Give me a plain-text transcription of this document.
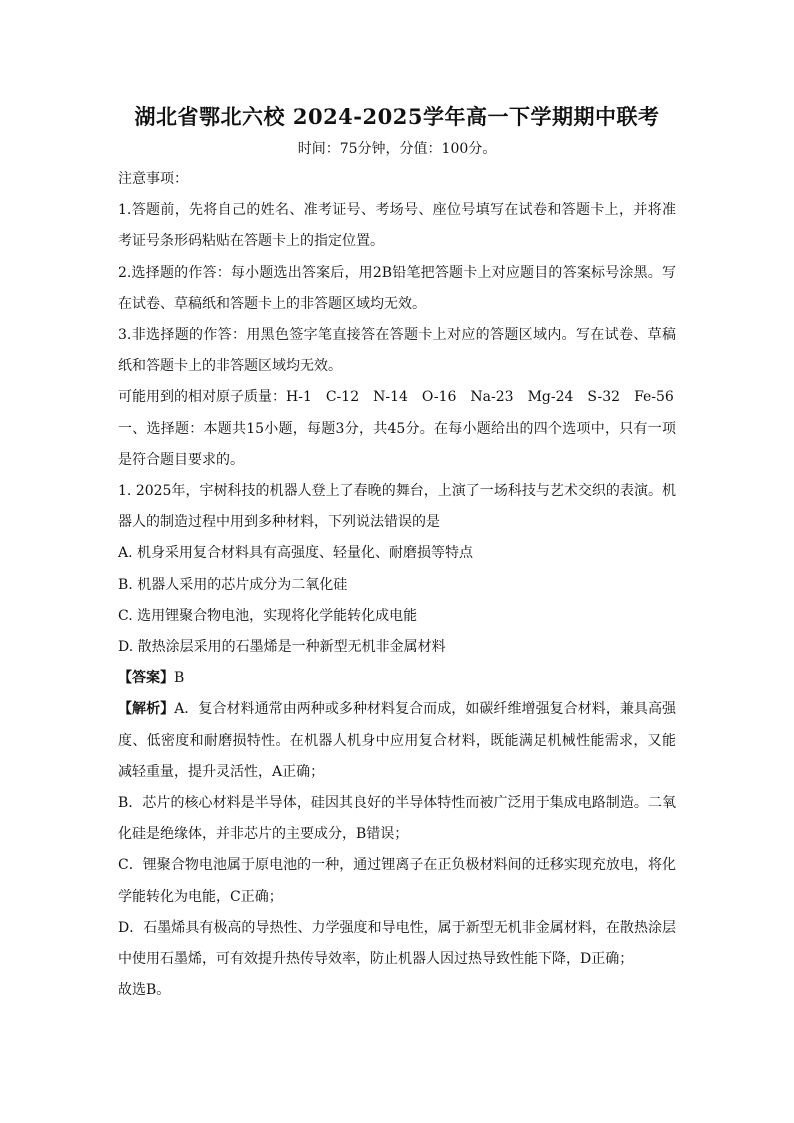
湖北省鄂北六校 2024-2025学年高一下学期期中联考

时间：75分钟，分值：100分。

注意事项：

1.答题前，先将自己的姓名、准考证号、考场号、座位号填写在试卷和答题卡上，并将准考证号条形码粘贴在答题卡上的指定位置。

2.选择题的作答：每小题选出答案后，用2B铅笔把答题卡上对应题目的答案标号涂黑。写在试卷、草稿纸和答题卡上的非答题区域均无效。

3.非选择题的作答：用黑色签字笔直接答在答题卡上对应的答题区域内。写在试卷、草稿纸和答题卡上的非答题区域均无效。

可能用到的相对原子质量：H-1　C-12　N-14　O-16　Na-23　Mg-24　S-32　Fe-56

一、选择题：本题共15小题，每题3分，共45分。在每小题给出的四个选项中，只有一项是符合题目要求的。

1. 2025年，宇树科技的机器人登上了春晚的舞台，上演了一场科技与艺术交织的表演。机器人的制造过程中用到多种材料，下列说法错误的是

A. 机身采用复合材料具有高强度、轻量化、耐磨损等特点

B. 机器人采用的芯片成分为二氧化硅

C. 选用锂聚合物电池，实现将化学能转化成电能

D. 散热涂层采用的石墨烯是一种新型无机非金属材料

【答案】B

【解析】A．复合材料通常由两种或多种材料复合而成，如碳纤维增强复合材料，兼具高强度、低密度和耐磨损特性。在机器人机身中应用复合材料，既能满足机械性能需求，又能减轻重量，提升灵活性，A正确；

B．芯片的核心材料是半导体，硅因其良好的半导体特性而被广泛用于集成电路制造。二氧化硅是绝缘体，并非芯片的主要成分，B错误；

C．锂聚合物电池属于原电池的一种，通过锂离子在正负极材料间的迁移实现充放电，将化学能转化为电能，C正确；

D．石墨烯具有极高的导热性、力学强度和导电性，属于新型无机非金属材料，在散热涂层中使用石墨烯，可有效提升热传导效率，防止机器人因过热导致性能下降，D正确；

故选B。
